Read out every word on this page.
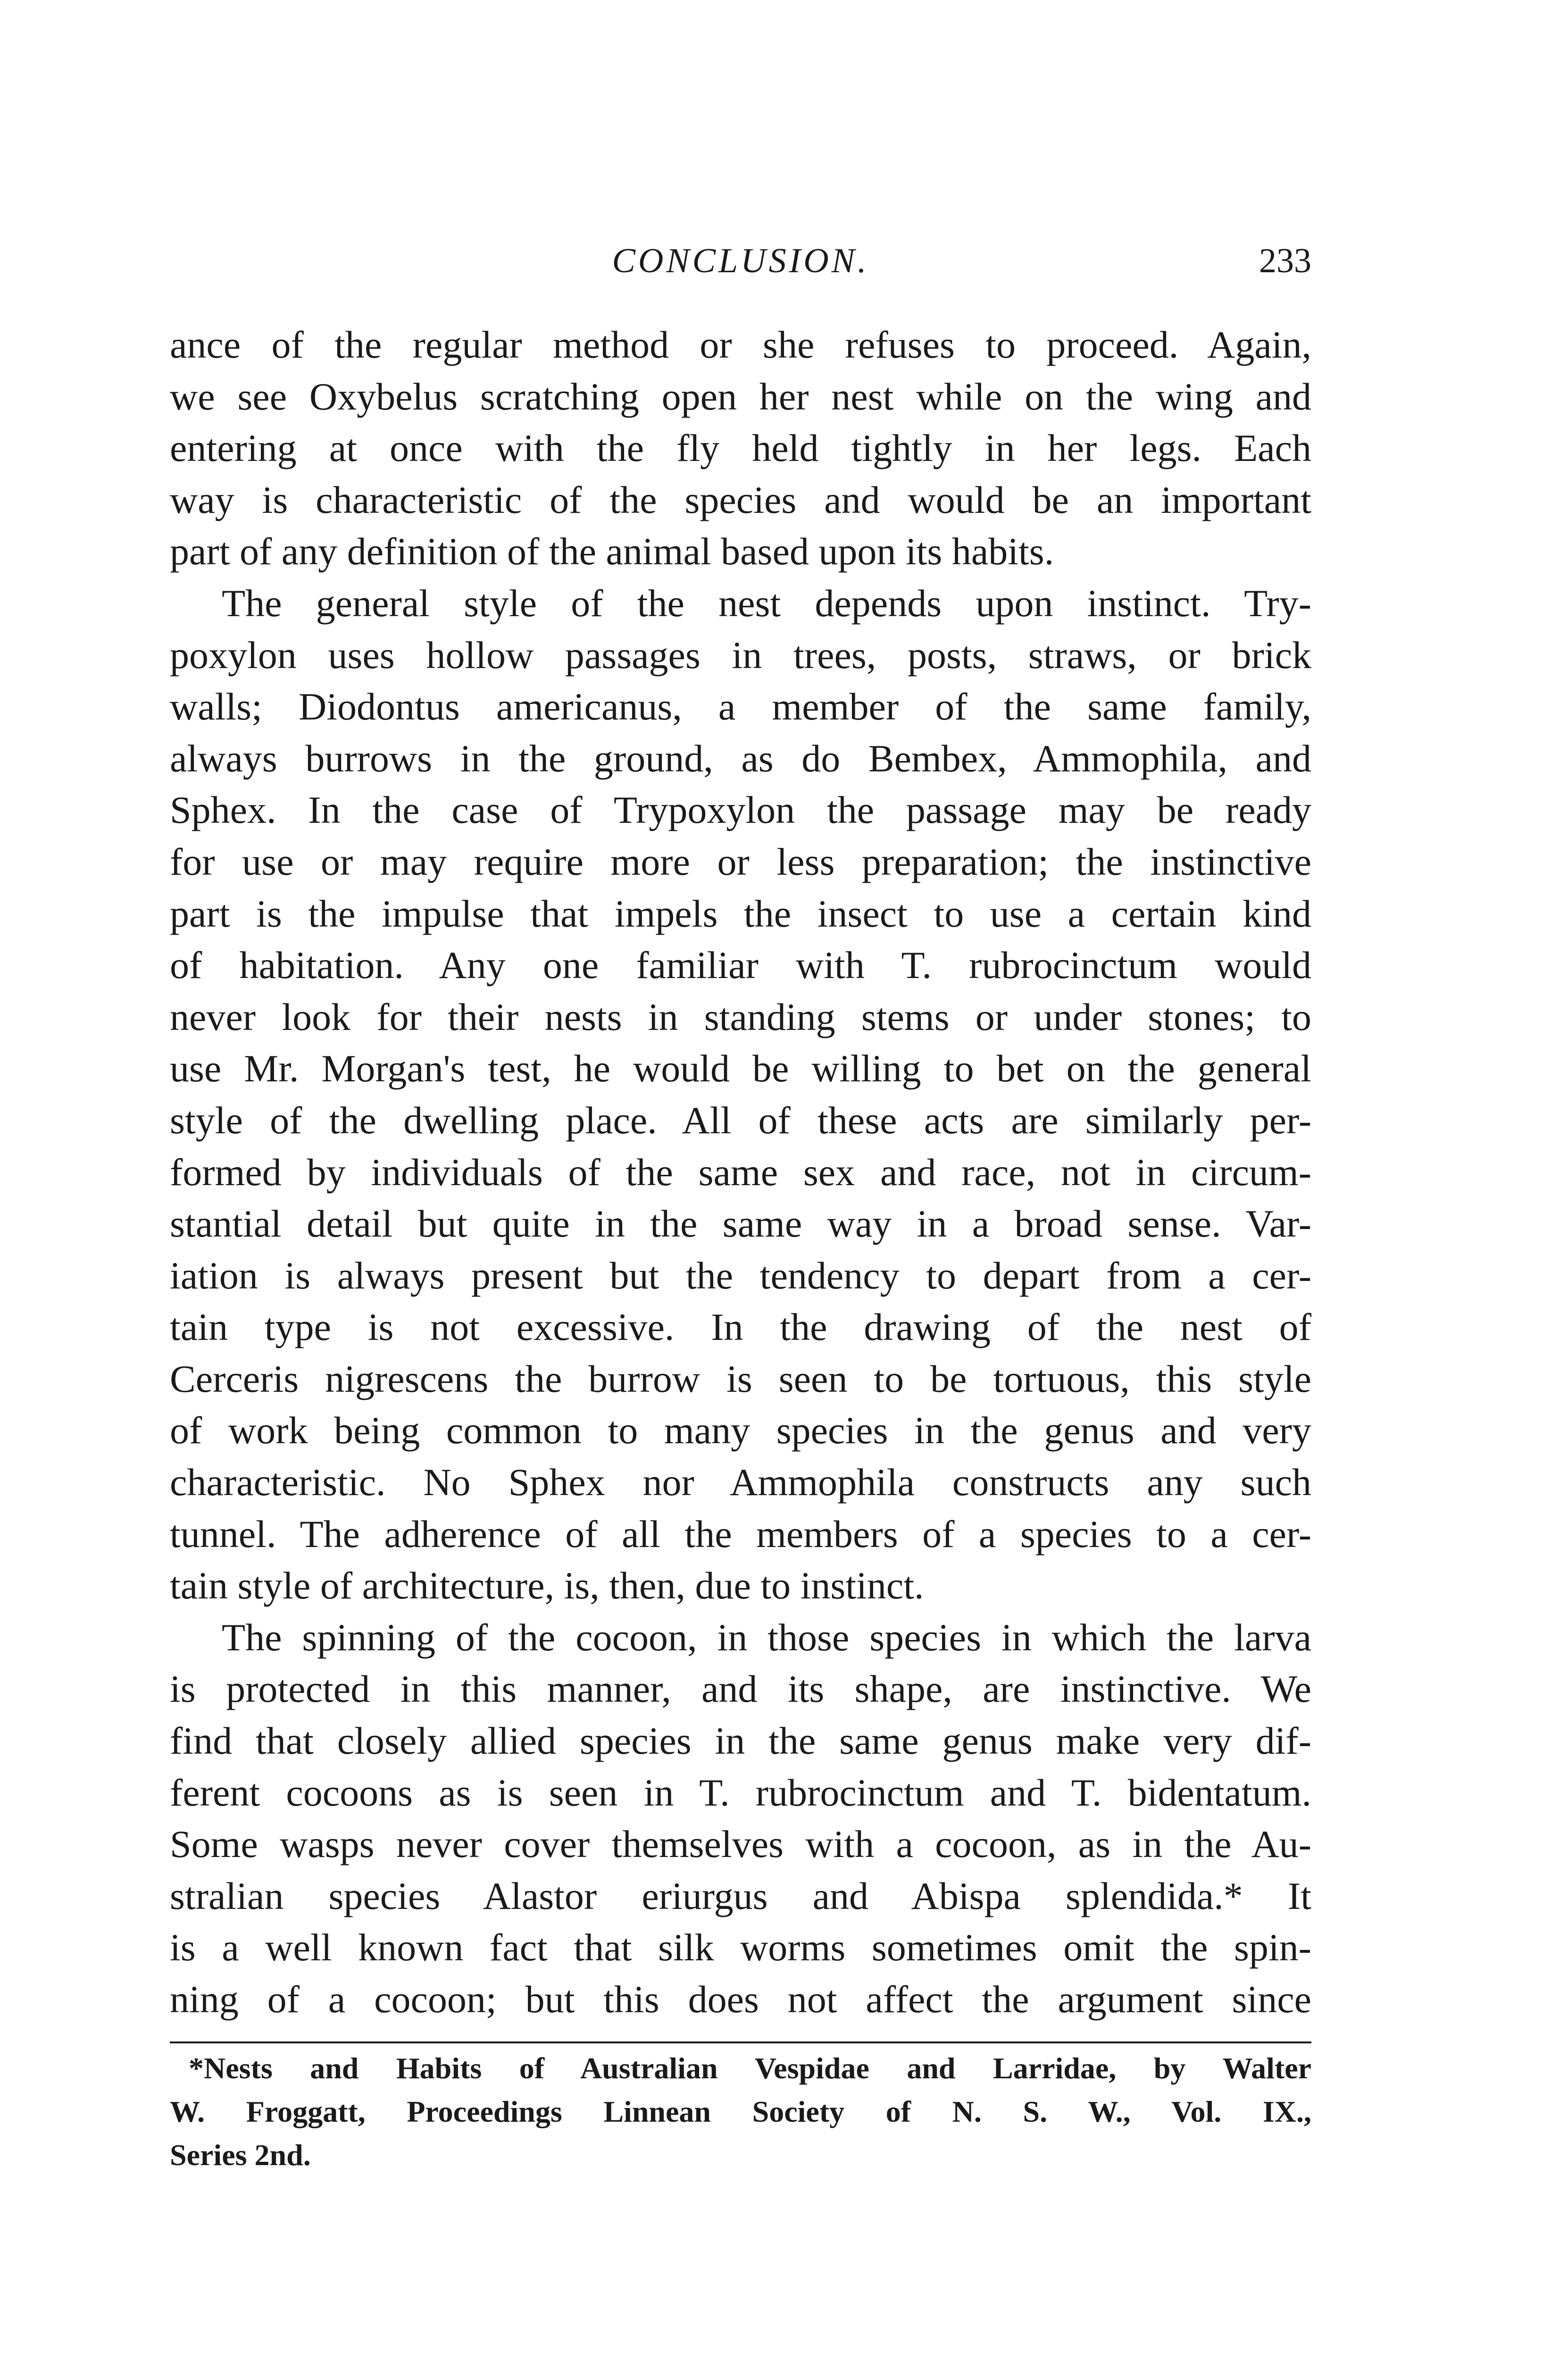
CONCLUSION.	233
ance of the regular method or she refuses to proceed. Again,
we see Oxybelus scratching open her nest while on the wing and
entering at once with the fly held tightly in her legs. Each
way is characteristic of the species and would be an important
part of any definition of the animal based upon its habits.
The general style of the nest depends upon instinct. Try-
poxylon uses hollow passages in trees, posts, straws, or brick
walls; Diodontus americanus, a member of the same family,
always burrows in the ground, as do Bembex, Ammophila, and
Sphex. In the case of Trypoxylon the passage may be ready
for use or may require more or less preparation; the instinctive
part is the impulse that impels the insect to use a certain kind
of habitation. Any one familiar with T. rubrocinctum would
never look for their nests in standing stems or under stones; to
use Mr. Morgan's test, he would be willing to bet on the general
style of the dwelling place. All of these acts are similarly per-
formed by individuals of the same sex and race, not in circum-
stantial detail but quite in the same way in a broad sense. Var-
iation is always present but the tendency to depart from a cer-
tain type is not excessive. In the drawing of the nest of
Cerceris nigrescens the burrow is seen to be tortuous, this style
of work being common to many species in the genus and very
characteristic. No Sphex nor Ammophila constructs any such
tunnel. The adherence of all the members of a species to a cer-
tain style of architecture, is, then, due to instinct.
The spinning of the cocoon, in those species in which the larva
is protected in this manner, and its shape, are instinctive. We
find that closely allied species in the same genus make very dif-
ferent cocoons as is seen in T. rubrocinctum and T. bidentatum.
Some wasps never cover themselves with a cocoon, as in the Au-
stralian species Alastor eriurgus and Abispa splendida.* It
is a well known fact that silk worms sometimes omit the spin-
ning of a cocoon; but this does not affect the argument since
*Nests and Habits of Australian Vespidae and Larridae, by Walter
W. Froggatt, Proceedings Linnean Society of N. S. W., Vol. IX.,
Series 2nd.
